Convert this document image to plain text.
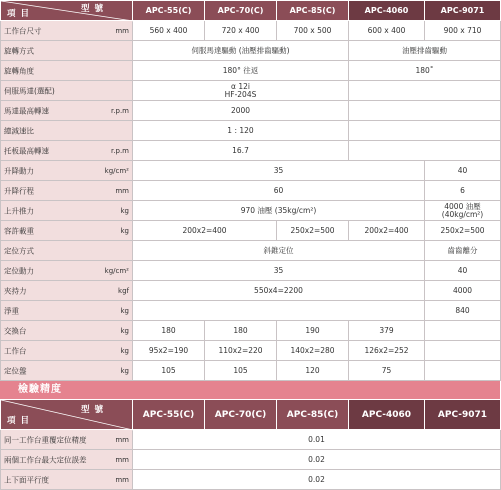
型 號
項 目	APC-55(C)	APC-70(C)	APC-85(C)	APC-4060	APC-9071

工作台尺寸 mm	560 x 400	720 x 400	700 x 500	600 x 400	900 x 710

旋轉方式	伺服馬達驅動 (油壓排齒驅動)			油壓排齒驅動	

旋轉角度	180° 往返			180˚	

伺服馬達(選配)	α 12i
HF-204S				

馬達最高轉速 r.p.m	2000				

總減速比	1 : 120				

托板最高轉速 r.p.m	16.7				

升降動力 kg/cm²	35				40

升降行程 mm	60				6

上升推力 kg	970 油壓 (35kg/cm²)				4000 油壓
(40kg/cm²)

容許載重 kg	200x2=400		250x2=500	200x2=400	250x2=500

定位方式	斜錐定位				齒齒離分

定位動力 kg/cm²	35				40

夾持力 kgf	550x4=2200				4000

淨重 kg					840

交換台 kg	180	180	190	379	

工作台 kg	95x2=190	110x2=220	140x2=280	126x2=252	

定位盤 kg	105	105	120	75	
檢驗精度
型 號
項 目	APC-55(C)	APC-70(C)	APC-85(C)	APC-4060	APC-9071

同一工作台重覆定位精度 mm	0.01				

兩個工作台最大定位誤差 mm	0.02				

上下面平行度 mm	0.02				
